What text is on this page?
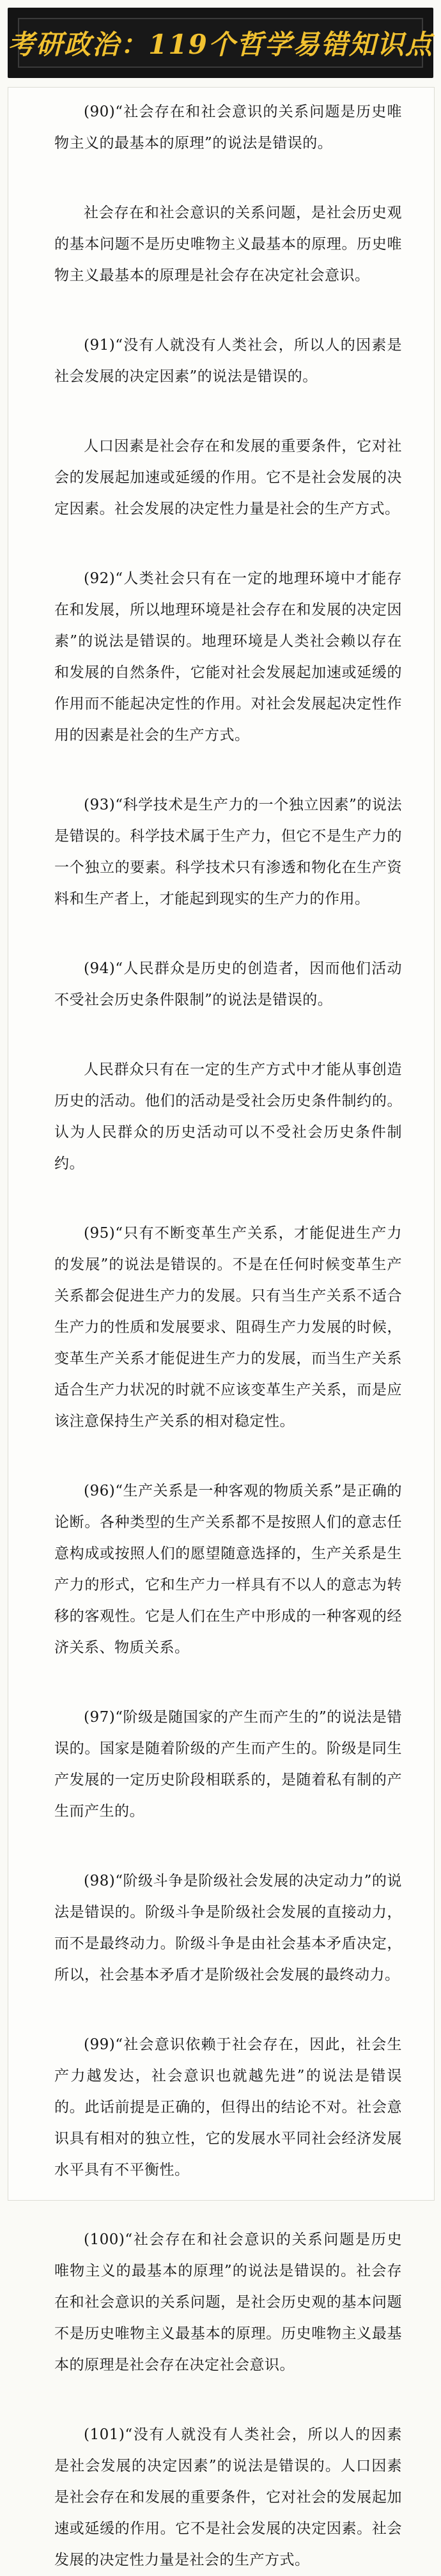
考研政治：119个哲学易错知识点

(90)“社会存在和社会意识的关系问题是历史唯物主义的最基本的原理”的说法是错误的。

社会存在和社会意识的关系问题，是社会历史观的基本问题不是历史唯物主义最基本的原理。历史唯物主义最基本的原理是社会存在决定社会意识。

(91)“没有人就没有人类社会，所以人的因素是社会发展的决定因素”的说法是错误的。

人口因素是社会存在和发展的重要条件，它对社会的发展起加速或延缓的作用。它不是社会发展的决定因素。社会发展的决定性力量是社会的生产方式。

(92)“人类社会只有在一定的地理环境中才能存在和发展，所以地理环境是社会存在和发展的决定因素”的说法是错误的。地理环境是人类社会赖以存在和发展的自然条件，它能对社会发展起加速或延缓的作用而不能起决定性的作用。对社会发展起决定性作用的因素是社会的生产方式。

(93)“科学技术是生产力的一个独立因素”的说法是错误的。科学技术属于生产力，但它不是生产力的一个独立的要素。科学技术只有渗透和物化在生产资料和生产者上，才能起到现实的生产力的作用。

(94)“人民群众是历史的创造者，因而他们活动不受社会历史条件限制”的说法是错误的。

人民群众只有在一定的生产方式中才能从事创造历史的活动。他们的活动是受社会历史条件制约的。认为人民群众的历史活动可以不受社会历史条件制约。

(95)“只有不断变革生产关系，才能促进生产力的发展”的说法是错误的。不是在任何时候变革生产关系都会促进生产力的发展。只有当生产关系不适合生产力的性质和发展要求、阻碍生产力发展的时候，变革生产关系才能促进生产力的发展，而当生产关系适合生产力状况的时就不应该变革生产关系，而是应该注意保持生产关系的相对稳定性。

(96)“生产关系是一种客观的物质关系”是正确的论断。各种类型的生产关系都不是按照人们的意志任意构成或按照人们的愿望随意选择的，生产关系是生产力的形式，它和生产力一样具有不以人的意志为转移的客观性。它是人们在生产中形成的一种客观的经济关系、物质关系。

(97)“阶级是随国家的产生而产生的”的说法是错误的。国家是随着阶级的产生而产生的。阶级是同生产发展的一定历史阶段相联系的，是随着私有制的产生而产生的。

(98)“阶级斗争是阶级社会发展的决定动力”的说法是错误的。阶级斗争是阶级社会发展的直接动力，而不是最终动力。阶级斗争是由社会基本矛盾决定，所以，社会基本矛盾才是阶级社会发展的最终动力。

(99)“社会意识依赖于社会存在，因此，社会生产力越发达，社会意识也就越先进”的说法是错误的。此话前提是正确的，但得出的结论不对。社会意识具有相对的独立性，它的发展水平同社会经济发展水平具有不平衡性。

(100)“社会存在和社会意识的关系问题是历史唯物主义的最基本的原理”的说法是错误的。社会存在和社会意识的关系问题，是社会历史观的基本问题不是历史唯物主义最基本的原理。历史唯物主义最基本的原理是社会存在决定社会意识。

(101)“没有人就没有人类社会，所以人的因素是社会发展的决定因素”的说法是错误的。人口因素是社会存在和发展的重要条件，它对社会的发展起加速或延缓的作用。它不是社会发展的决定因素。社会发展的决定性力量是社会的生产方式。
